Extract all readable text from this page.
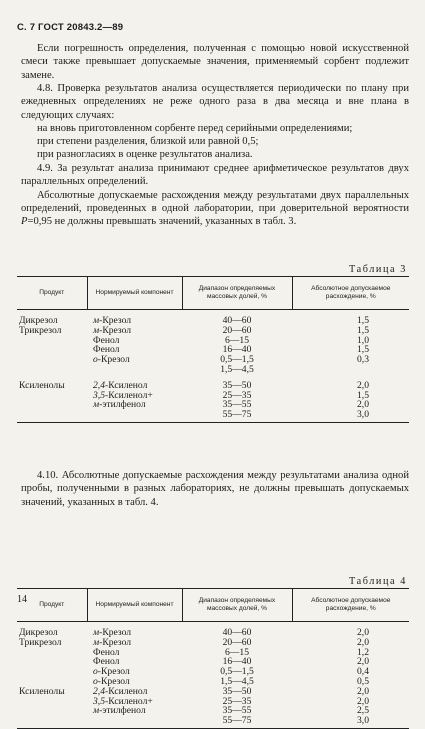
С. 7 ГОСТ 20843.2—89

Если погрешность определения, полученная с помощью новой искусственной смеси также превышает допускаемые значения, применяемый сорбент подлежит замене.

4.8. Проверка результатов анализа осуществляется периодически по плану при ежедневных определениях не реже одного раза в два месяца и вне плана в следующих случаях:

на вновь приготовленном сорбенте перед серийными определениями;

при степени разделения, близкой или равной 0,5;

при разногласиях в оценке результатов анализа.

4.9. За результат анализа принимают среднее арифметическое результатов двух параллельных определений.

Абсолютные допускаемые расхождения между результатами двух параллельных определений, проведенных в одной лаборатории, при доверительной вероятности P=0,95 не должны превышать значений, указанных в табл. 3.

Таблица 3
Продукт	Нормируемый компонент	Диапазон определяемых массовых долей, %	Абсолютное допускаемое расхождение, %

Дикрезол	м-Крезол	40—60	1,5
Трикрезол	м-Крезол	20—60	1,5
	Фенол	6—15	1,0
	Фенол	16—40	1,5
	о-Крезол	0,5—1,5	0,3
		1,5—4,5	

Ксиленолы	2,4-Ксиленол	35—50	2,0
	3,5-Ксиленол+	25—35	1,5
	м-этилфенол	35—55	2,0
		55—75	3,0

4.10. Абсолютные допускаемые расхождения между результатами анализа одной пробы, полученными в разных лабораториях, не должны превышать допускаемых значений, указанных в табл. 4.

Таблица 4
Продукт	Нормируемый компонент	Диапазон определяемых массовых долей, %	Абсолютное допускаемое расхождение, %

Дикрезол	м-Крезол	40—60	2,0
Трикрезол	м-Крезол	20—60	2,0
	Фенол	6—15	1,2
	Фенол	16—40	2,0
	о-Крезол	0,5—1,5	0,4
	о-Крезол	1,5—4,5	0,5
Ксиленолы	2,4-Ксиленол	35—50	2,0
	3,5-Ксиленол+	25—35	2,0
	м-этилфенол	35—55	2,5
		55—75	3,0
14
